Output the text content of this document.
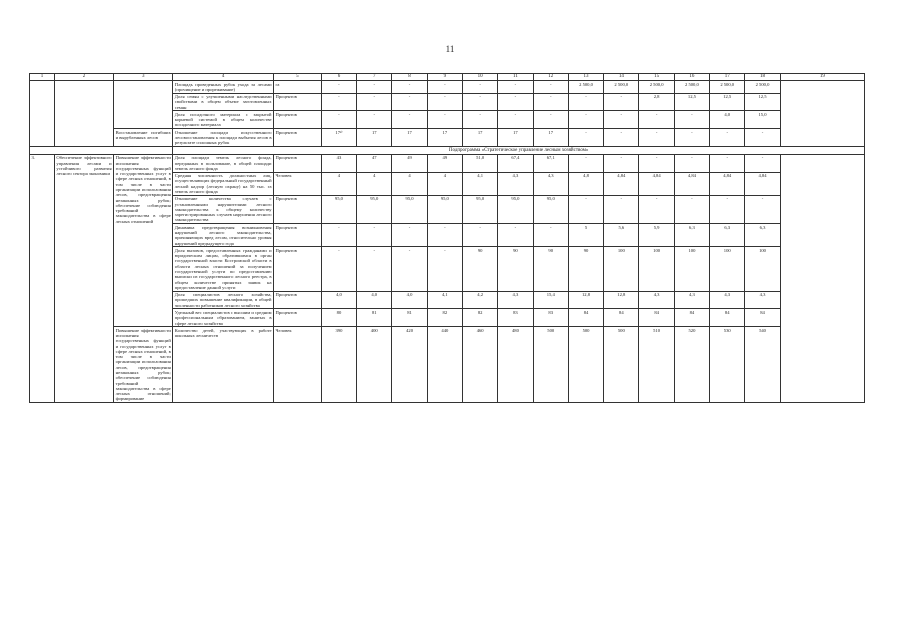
11
1	2	3	4	5	6	7	8	9	10	11	12	13	14	15	16	17	18	19
			Площадь проведенных рубок ухода за лесами (прочищение и прореживание)	га	-	-	-	-	-	-	-	2 500,0	2 500,0	2 500,0	2 500,0	2 500,0	2 500,0	
			Доля семян с улучшенными наследственными свойствами в общем объеме заготовленных семян	Процентов	-	-	-	-	-	-	-	-	-	2,8	12,5	12,5	12,5	
			Доля посадочного материала с закрытой корневой системой в общем количестве посадочного материала	Процентов	-	-	-	-	-	-	-	-	-	-	-	4,0	15,0	
		Восстановление погибших и вырубленных лесов	Отношение площади искусственного лесовосстановления к площади выбытия лесов в результате сплошных рубок	Процентов	17²⁾	17	17	17	17	17	17	-	-	-	-	-	-	
			Подпрограмма «Стратегическое управление лесным хозяйством»															
3.	Обеспечение эффективного управления лесами и устойчивого развития лесного сектора экономики	Повышение эффективности исполнения государственных функций и государственных услуг в сфере лесных отношений, в том числе в части организации использования лесов, предотвращения незаконных рубок; обеспечение соблюдения требований законодательства в сфере лесных отношений	Доля площади земель лесного фонда, переданных в пользование, в общей площади земель лесного фонда	Процентов	43	47	49	49	51,0	67,4	67,1	-	-	-	-	-	-	
			Средняя численность должностных лиц, осуществляющих федеральный государственный лесной надзор (лесную охрану) на 50 тыс. га земель лесного фонда	Человек	4	4	4	4	4,1	4,3	4,3	4,8	4,84	4,84	4,84	4,84	4,84	
			Отношение количества случаев с установленными нарушителями лесного законодательства к общему количеству зарегистрированных случаев нарушения лесного законодательства	Процентов	95,0	95,0	95,0	95,0	95,0	95,0	95,0	-	-	-	-	-	-	
			Динамика предотвращения возникновения нарушений лесного законодательства, причиняющих вред лесам, относительно уровня нарушений предыдущего года	Процентов	-	-	-	-	-	-	-	5	5,6	5,9	6,3	6,3	6,3	
			Доля вызовов, предоставленных гражданами и юридическим лицам, обратившимся в орган государственной власти Костромской области в области лесных отношений за получением государственной услуги по предоставлению выписки из государственного лесного реестра, в общем количестве принятых заявок на предоставление данной услуги	Процентов	-	-	-	-	90	90	90	90	100	100	100	100	100	
			Доля специалистов лесного хозяйства, прошедших повышение квалификации, в общей численности работников лесного хозяйства	Процентов	4,0	4,0	4,0	4,1	4,2	4,3	15,4	12,8	12,8	4,3	4,3	4,3	4,3	
			Удельный вес специалистов с высшим и средним профессиональным образованием, занятых в сфере лесного хозяйства	Процентов	80	81	81	82	82	83	83	84	84	84	84	84	84	
		Повышение эффективности исполнения государственных функций и государственных услуг в сфере лесных отношений, в том числе в части организации использования лесов, предотвращения незаконных рубок; обеспечение соблюдения требований законодательства в сфере лесных отношений; формирование	Количество детей, участвующих в работе школьных лесничеств	Человек	390	400	420	440	460	480	500	500	500	510	520	530	540	
